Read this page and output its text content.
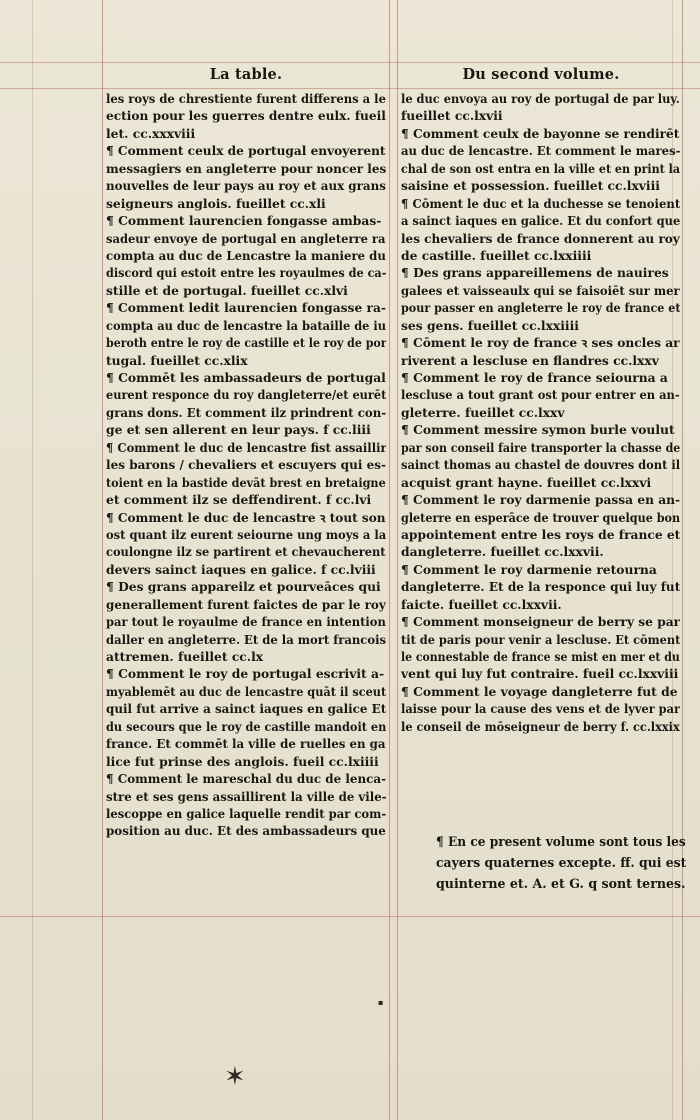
La table.	Du second volume.
les roys de chrestiente furent differens a le
ection pour les guerres dentre eulx. fueil
let. cc.xxxviii
¶ Comment ceulx de portugal envoyerent
messagiers en angleterre pour noncer les
nouvelles de leur pays au roy et aux grans
seigneurs anglois. fueillet cc.xli
¶ Comment laurencien fongasse ambas-
sadeur envoye de portugal en angleterre ra
compta au duc de Lencastre la maniere du
discord qui estoit entre les royaulmes de ca-
stille et de portugal. fueillet cc.xlvi
¶ Comment ledit laurencien fongasse ra-
compta au duc de lencastre la bataille de iu
beroth entre le roy de castille et le roy de por
tugal. fueillet cc.xlix
¶ Commēt les ambassadeurs de portugal
eurent responce du roy dangleterre/et eurēt
grans dons. Et comment ilz prindrent con-
ge et sen allerent en leur pays. f cc.liii
¶ Comment le duc de lencastre fist assaillir
les barons / chevaliers et escuyers qui es-
toient en la bastide devāt brest en bretaigne
et comment ilz se deffendirent. f cc.lvi
¶ Comment le duc de lencastre ꝛ tout son
ost quant ilz eurent seiourne ung moys a la
coulongne ilz se partirent et chevaucherent
devers sainct iaques en galice. f cc.lviii
¶ Des grans appareilz et pourveāces qui
generallement furent faictes de par le roy
par tout le royaulme de france en intention
daller en angleterre. Et de la mort francois
attremen. fueillet cc.lx
¶ Comment le roy de portugal escrivit a-
myablemēt au duc de lencastre quāt il sceut
quil fut arrive a sainct iaques en galice Et
du secours que le roy de castille mandoit en
france. Et commēt la ville de ruelles en ga
lice fut prinse des anglois. fueil cc.lxiiii
¶ Comment le mareschal du duc de lenca-
stre et ses gens assaillirent la ville de vile-
lescoppe en galice laquelle rendit par com-
position au duc. Et des ambassadeurs que
le duc envoya au roy de portugal de par luy.
fueillet cc.lxvii
¶ Comment ceulx de bayonne se rendirēt
au duc de lencastre. Et comment le mares-
chal de son ost entra en la ville et en print la
saisine et possession. fueillet cc.lxviii
¶ Cōment le duc et la duchesse se tenoient
a sainct iaques en galice. Et du confort que
les chevaliers de france donnerent au roy
de castille. fueillet cc.lxxiiii
¶ Des grans appareillemens de nauires
galees et vaisseaulx qui se faisoiēt sur mer
pour passer en angleterre le roy de france et
ses gens. fueillet cc.lxxiiii
¶ Cōment le roy de france ꝛ ses oncles ar
riverent a lescluse en flandres cc.lxxv
¶ Comment le roy de france seiourna a
lescluse a tout grant ost pour entrer en an-
gleterre. fueillet cc.lxxv
¶ Comment messire symon burle voulut
par son conseil faire transporter la chasse de
sainct thomas au chastel de douvres dont il
acquist grant hayne. fueillet cc.lxxvi
¶ Comment le roy darmenie passa en an-
gleterre en esperāce de trouver quelque bon
appointement entre les roys de france et
dangleterre. fueillet cc.lxxvii.
¶ Comment le roy darmenie retourna
dangleterre. Et de la responce qui luy fut
faicte. fueillet cc.lxxvii.
¶ Comment monseigneur de berry se par
tit de paris pour venir a lescluse. Et cōment
le connestable de france se mist en mer et du
vent qui luy fut contraire. fueil cc.lxxviii
¶ Comment le voyage dangleterre fut de
laisse pour la cause des vens et de lyver par
le conseil de mōseigneur de berry f. cc.lxxix
¶ En ce present volume sont tous les
cayers quaternes excepte. ff. qui est
quinterne et. A. et G. q sont ternes.
▪
✶
